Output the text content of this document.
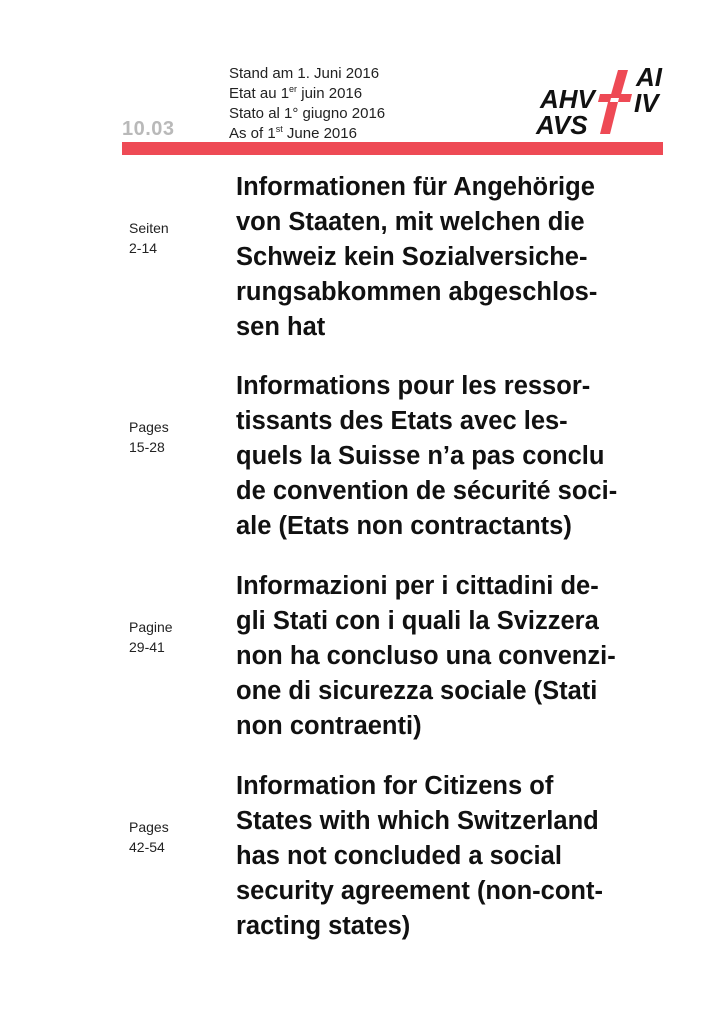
10.03
Stand am 1. Juni 2016
Etat au 1er juin 2016
Stato al 1° giugno 2016
As of 1st June 2016
AHV
AVS
AI
IV
Seiten
2-14
Informationen für Angehörige
von Staaten, mit welchen die
Schweiz kein Sozialversiche-
rungsabkommen abgeschlos-
sen hat
Pages
15-28
Informations pour les ressor-
tissants des Etats avec les-
quels la Suisse n’a pas conclu
de convention de sécurité soci-
ale (Etats non contractants)
Pagine
29-41
Informazioni per i cittadini de-
gli Stati con i quali la Svizzera
non ha concluso una convenzi-
one di sicurezza sociale (Stati
non contraenti)
Pages
42-54
Information for Citizens of
States with which Switzerland
has not concluded a social
security agreement (non-cont-
racting states)
